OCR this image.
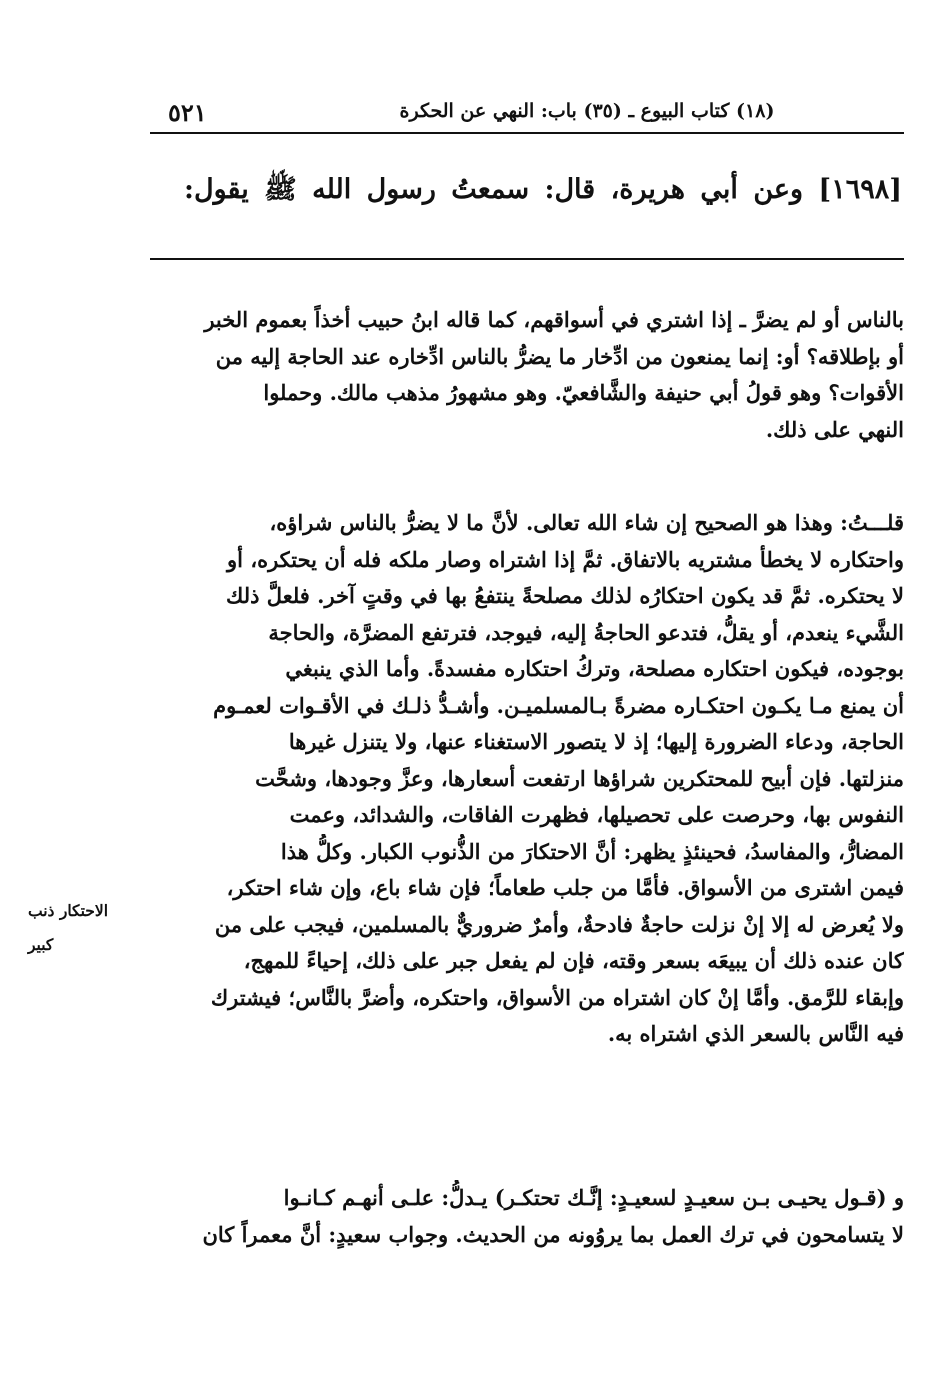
٥٢١	(١٨) كتاب البيوع ـ (٣٥) باب: النهي عن الحكرة
[١٦٩٨] وعن أبي هريرة، قال: سمعتُ رسول الله ﷺ يقول:
بالناس أو لم يضرَّ ـ إذا اشتري في أسواقهم، كما قاله ابنُ حبيب أخذاً بعموم الخبر
أو بإطلاقه؟ أو: إنما يمنعون من ادِّخار ما يضرُّ بالناس ادِّخاره عند الحاجة إليه من
الأقوات؟ وهو قولُ أبي حنيفة والشَّافعيّ. وهو مشهورُ مذهب مالك. وحملوا
النهي على ذلك.
قلـــتُ: وهذا هو الصحيح إن شاء الله تعالى. لأنَّ ما لا يضرُّ بالناس شراؤه،
واحتكاره لا يخطأ مشتريه بالاتفاق. ثمَّ إذا اشتراه وصار ملكه فله أن يحتكره، أو
لا يحتكره. ثمَّ قد يكون احتكارُه لذلك مصلحةً ينتفعُ بها في وقتٍ آخر. فلعلَّ ذلك
الشَّيء ينعدم، أو يقلُّ، فتدعو الحاجةُ إليه، فيوجد، فترتفع المضرَّة، والحاجة
بوجوده، فيكون احتكاره مصلحة، وتركُ احتكاره مفسدةً. وأما الذي ينبغي
أن يمنع مـا يكـون احتكـاره مضرةً بـالمسلميـن. وأشـدُّ ذلـك في الأقـوات لعمـوم
الحاجة، ودعاء الضرورة إليها؛ إذ لا يتصور الاستغناء عنها، ولا يتنزل غيرها
منزلتها. فإن أبيح للمحتكرين شراؤها ارتفعت أسعارها، وعزَّ وجودها، وشحَّت
النفوس بها، وحرصت على تحصيلها، فظهرت الفاقات، والشدائد، وعمت
المضارُّ، والمفاسدُ، فحينئذٍ يظهر: أنَّ الاحتكارَ من الذُّنوب الكبار. وكلُّ هذا
فيمن اشترى من الأسواق. فأمَّا من جلب طعاماً؛ فإن شاء باع، وإن شاء احتكر،
ولا يُعرض له إلا إنْ نزلت حاجةٌ فادحةٌ، وأمرٌ ضروريٌّ بالمسلمين، فيجب على من
كان عنده ذلك أن يبيعَه بسعر وقته، فإن لم يفعل جبر على ذلك، إحياءً للمهج،
وإبقاء للرَّمق. وأمَّا إنْ كان اشتراه من الأسواق، واحتكره، وأضرَّ بالنَّاس؛ فيشترك
فيه النَّاس بالسعر الذي اشتراه به.
الاحتكار ذنب
كبير
و (قـول يحيـى بـن سعيـدٍ لسعيـدٍ: إنَّـك تحتكـر) يـدلُّ: علـى أنهـم كـانـوا
لا يتسامحون في ترك العمل بما يروُونه من الحديث. وجواب سعيدٍ: أنَّ معمراً كان
